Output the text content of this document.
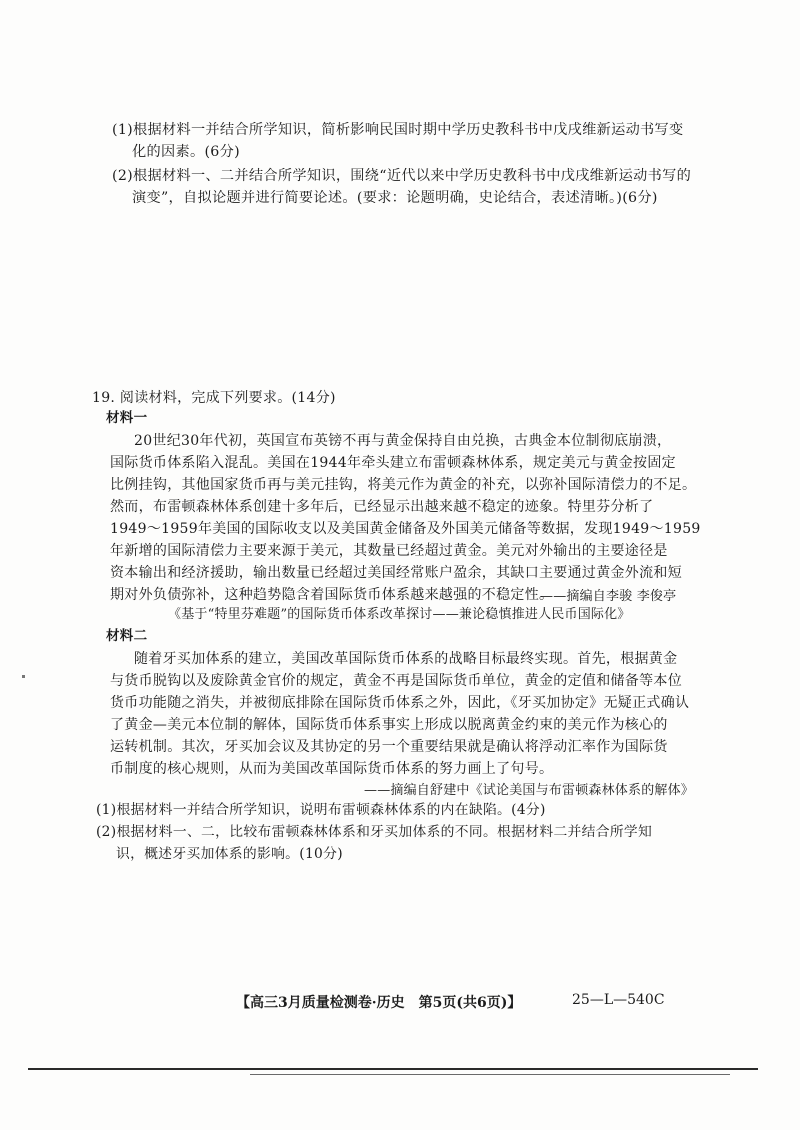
(1)根据材料一并结合所学知识，简析影响民国时期中学历史教科书中戊戌维新运动书写变
化的因素。(6分)
(2)根据材料一、二并结合所学知识，围绕“近代以来中学历史教科书中戊戌维新运动书写的
演变”，自拟论题并进行简要论述。(要求：论题明确，史论结合，表述清晰。)(6分)
19. 阅读材料，完成下列要求。(14分)
材料一
20世纪30年代初，英国宣布英镑不再与黄金保持自由兑换，古典金本位制彻底崩溃，
国际货币体系陷入混乱。美国在1944年牵头建立布雷顿森林体系，规定美元与黄金按固定
比例挂钩，其他国家货币再与美元挂钩，将美元作为黄金的补充，以弥补国际清偿力的不足。
然而，布雷顿森林体系创建十多年后，已经显示出越来越不稳定的迹象。特里芬分析了
1949～1959年美国的国际收支以及美国黄金储备及外国美元储备等数据，发现1949～1959
年新增的国际清偿力主要来源于美元，其数量已经超过黄金。美元对外输出的主要途径是
资本输出和经济援助，输出数量已经超过美国经常账户盈余，其缺口主要通过黄金外流和短
期对外负债弥补，这种趋势隐含着国际货币体系越来越强的不稳定性。
——摘编自李骏 李俊亭
《基于“特里芬难题”的国际货币体系改革探讨——兼论稳慎推进人民币国际化》
材料二
随着牙买加体系的建立，美国改革国际货币体系的战略目标最终实现。首先，根据黄金
与货币脱钩以及废除黄金官价的规定，黄金不再是国际货币单位，黄金的定值和储备等本位
货币功能随之消失，并被彻底排除在国际货币体系之外，因此，《牙买加协定》无疑正式确认
了黄金—美元本位制的解体，国际货币体系事实上形成以脱离黄金约束的美元作为核心的
运转机制。其次，牙买加会议及其协定的另一个重要结果就是确认将浮动汇率作为国际货
币制度的核心规则，从而为美国改革国际货币体系的努力画上了句号。
——摘编自舒建中《试论美国与布雷顿森林体系的解体》
(1)根据材料一并结合所学知识，说明布雷顿森林体系的内在缺陷。(4分)
(2)根据材料一、二，比较布雷顿森林体系和牙买加体系的不同。根据材料二并结合所学知
识，概述牙买加体系的影响。(10分)
【高三3月质量检测卷·历史　第5页(共6页)】	25—L—540C
